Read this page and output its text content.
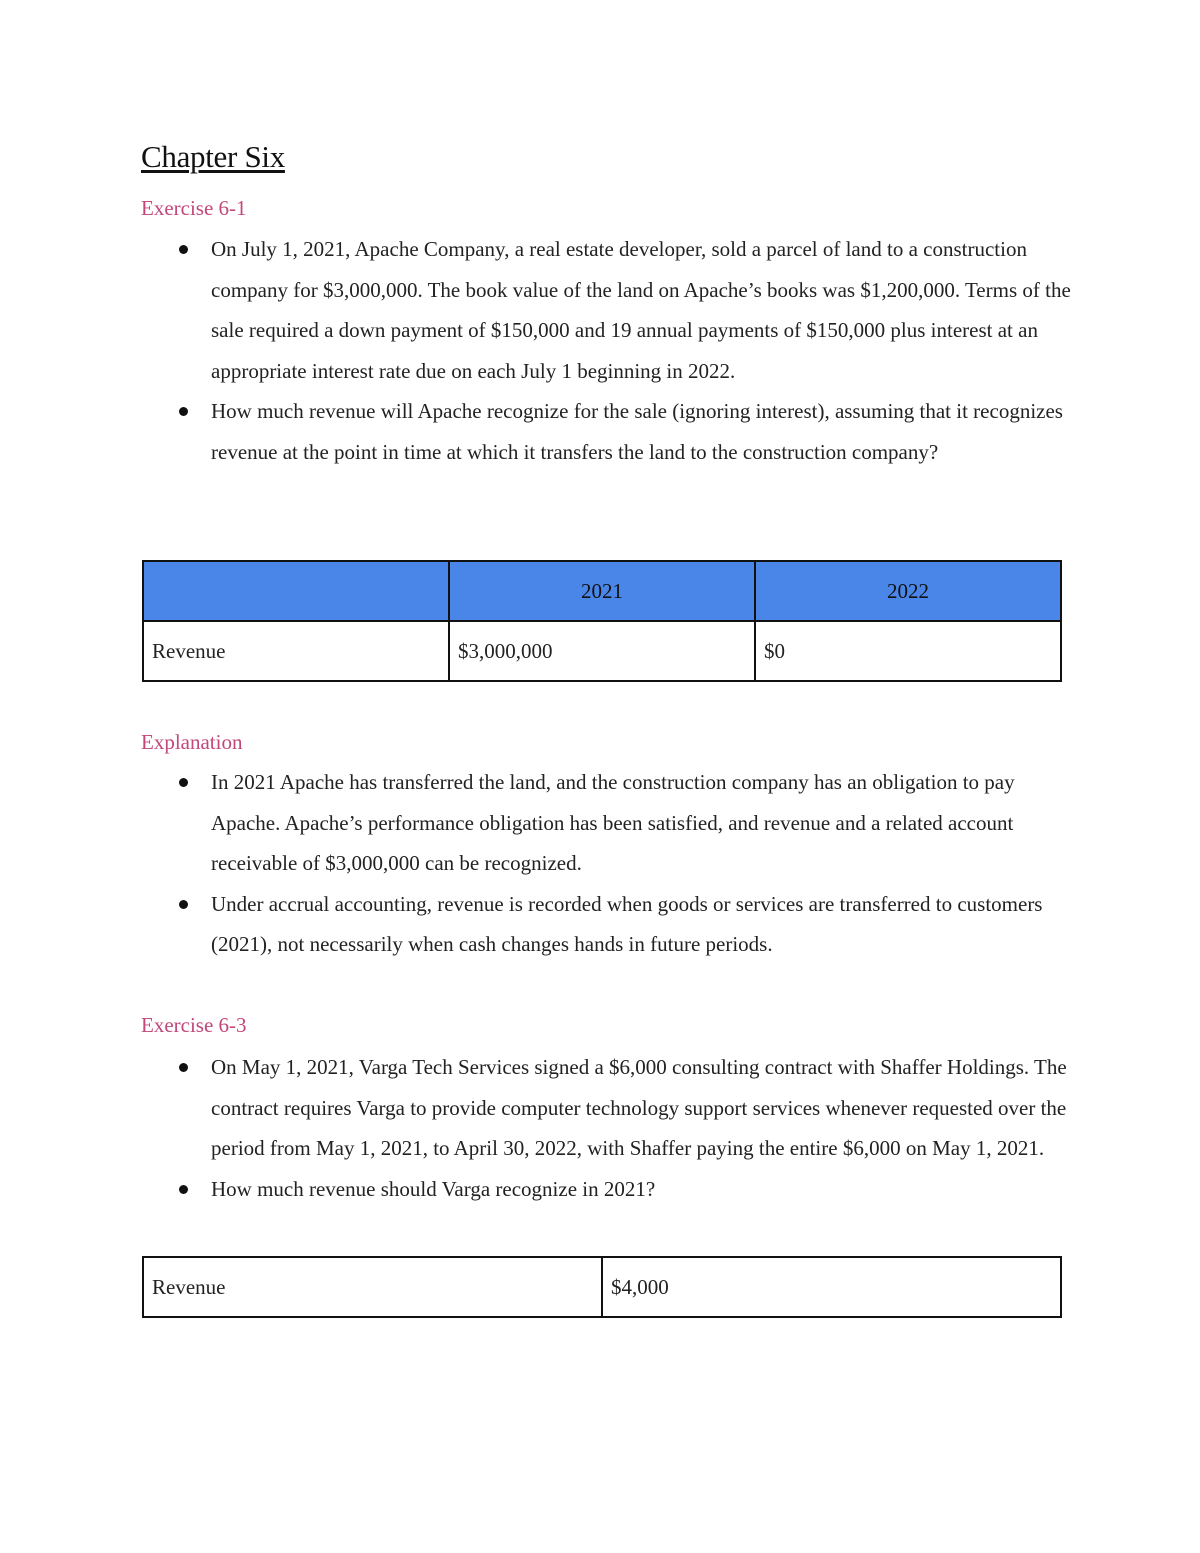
Chapter Six
Exercise 6-1
On July 1, 2021, Apache Company, a real estate developer, sold a parcel of land to a construction company for $3,000,000. The book value of the land on Apache’s books was $1,200,000. Terms of the sale required a down payment of $150,000 and 19 annual payments of $150,000 plus interest at an appropriate interest rate due on each July 1 beginning in 2022.
How much revenue will Apache recognize for the sale (ignoring interest), assuming that it recognizes revenue at the point in time at which it transfers the land to the construction company?
	2021	2022
Revenue	$3,000,000	$0
Explanation
In 2021 Apache has transferred the land, and the construction company has an obligation to pay Apache. Apache’s performance obligation has been satisfied, and revenue and a related account receivable of $3,000,000 can be recognized.
Under accrual accounting, revenue is recorded when goods or services are transferred to customers (2021), not necessarily when cash changes hands in future periods.
Exercise 6-3
On May 1, 2021, Varga Tech Services signed a $6,000 consulting contract with Shaffer Holdings. The contract requires Varga to provide computer technology support services whenever requested over the period from May 1, 2021, to April 30, 2022, with Shaffer paying the entire $6,000 on May 1, 2021.
How much revenue should Varga recognize in 2021?
Revenue	$4,000
